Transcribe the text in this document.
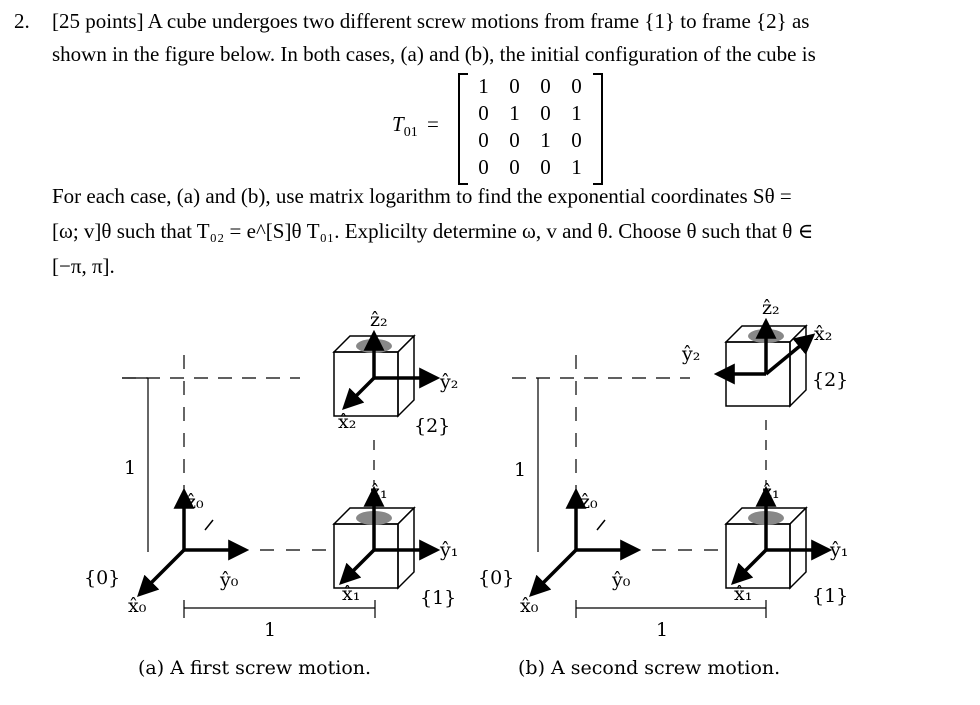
2. [25 points] A cube undergoes two different screw motions from frame {1} to frame {2} as
shown in the figure below. In both cases, (a) and (b), the initial configuration of the cube is
$T_{01}$ =
1 0 0 0
0 1 0 1
0 0 1 0
0 0 0 1
For each case, (a) and (b), use matrix logarithm to find the exponential coordinates Sθ =
[ω; v]θ such that T₀₂ = e^[S]θ T₀₁. Explicilty determine ω, v and θ. Choose θ such that θ ∈
[−π, π].
ẑ₂
ŷ₂
x̂₂	{2}
1
ẑ₀	ẑ₁
ŷ₁
{0}	ŷ₀
x̂₁	{1}
x̂₀
1
(a) A first screw motion.
ẑ₂
x̂₂
ŷ₂
{2}
1
ẑ₀	ẑ₁
ŷ₁
{0}	ŷ₀
x̂₁	{1}
x̂₀
1
(b) A second screw motion.
